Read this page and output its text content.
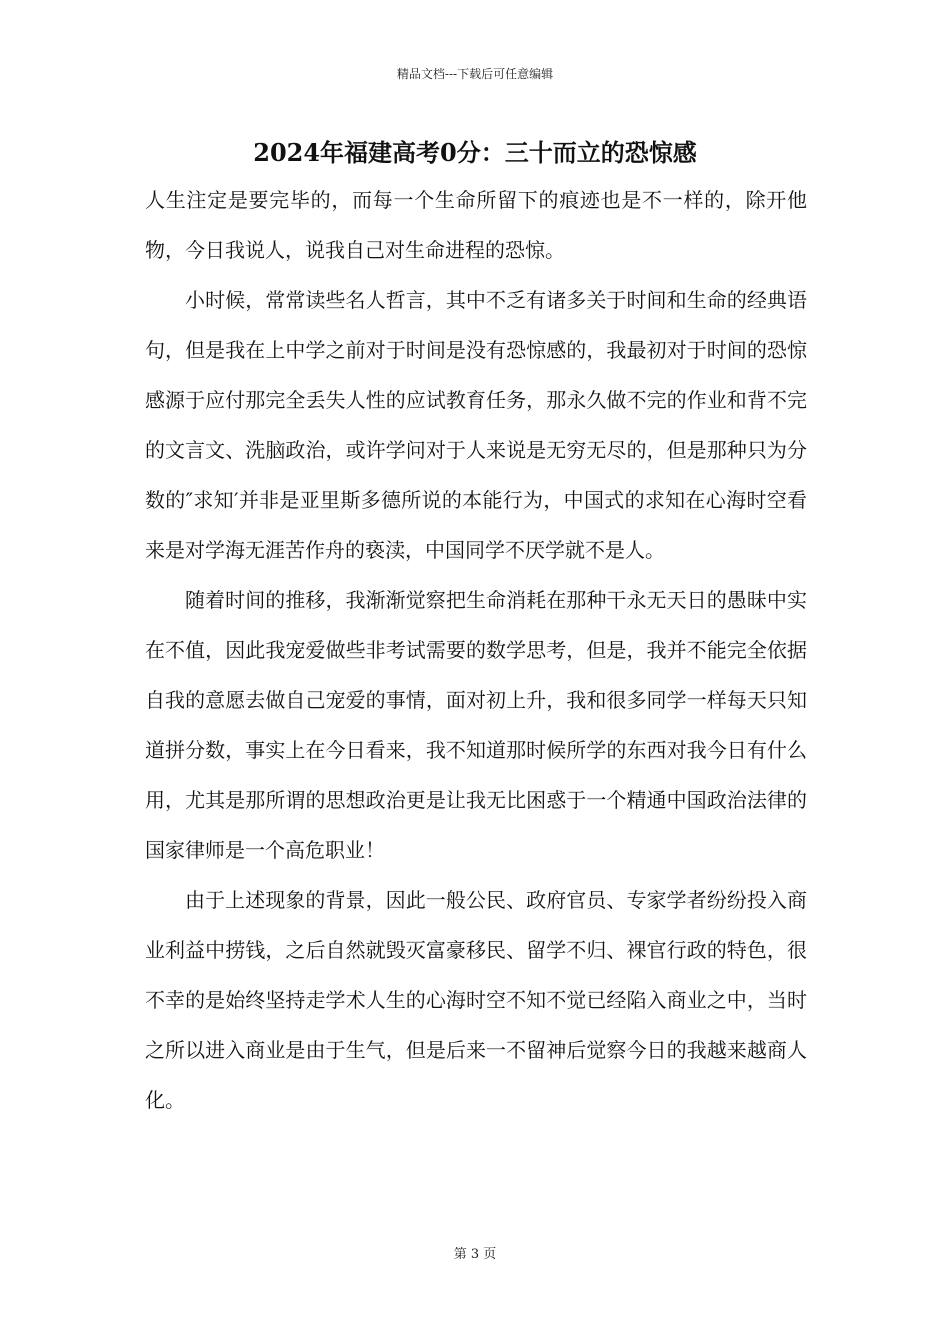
精品文档---下载后可任意编辑
2024年福建高考0分：三十而立的恐惊感

人生注定是要完毕的，而每一个生命所留下的痕迹也是不一样的，除开他物，今日我说人，说我自己对生命进程的恐惊。

小时候，常常读些名人哲言，其中不乏有诸多关于时间和生命的经典语句，但是我在上中学之前对于时间是没有恐惊感的，我最初对于时间的恐惊感源于应付那完全丢失人性的应试教育任务，那永久做不完的作业和背不完的文言文、洗脑政治，或许学问对于人来说是无穷无尽的，但是那种只为分数的″求知′并非是亚里斯多德所说的本能行为，中国式的求知在心海时空看来是对学海无涯苦作舟的亵渎，中国同学不厌学就不是人。

随着时间的推移，我渐渐觉察把生命消耗在那种干永无天日的愚昧中实在不值，因此我宠爱做些非考试需要的数学思考，但是，我并不能完全依据自我的意愿去做自己宠爱的事情，面对初上升，我和很多同学一样每天只知道拼分数，事实上在今日看来，我不知道那时候所学的东西对我今日有什么用，尤其是那所谓的思想政治更是让我无比困惑于一个精通中国政治法律的国家律师是一个高危职业！

由于上述现象的背景，因此一般公民、政府官员、专家学者纷纷投入商业利益中捞钱，之后自然就毁灭富豪移民、留学不归、裸官行政的特色，很不幸的是始终坚持走学术人生的心海时空不知不觉已经陷入商业之中，当时之所以进入商业是由于生气，但是后来一不留神后觉察今日的我越来越商人化。

第 3 页
